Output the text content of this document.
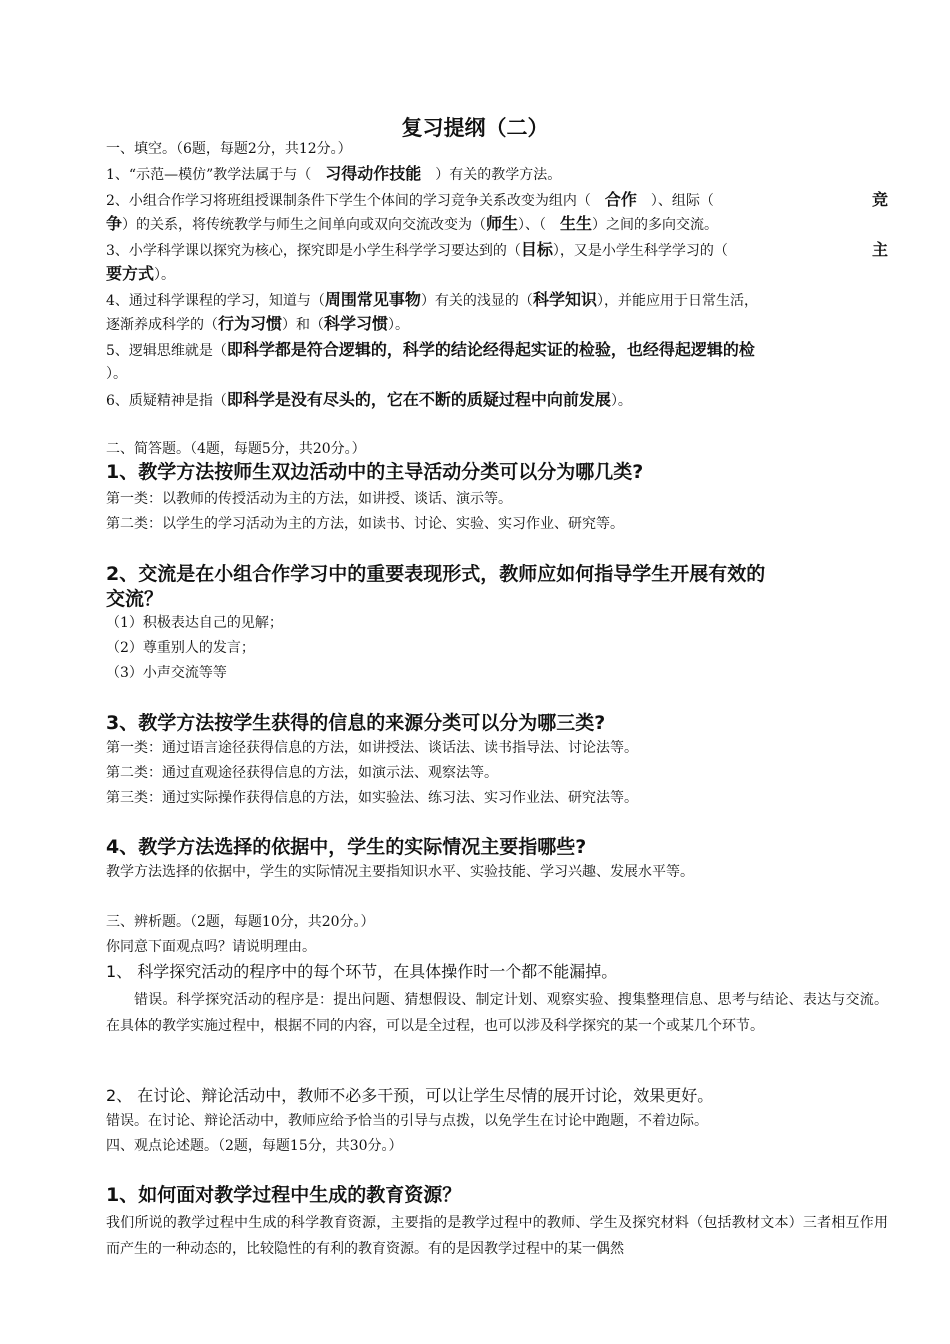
复习提纲（二）
一、填空。（6题，每题2分，共12分。）
1、“示范—模仿”教学法属于与（　习得动作技能　）有关的教学方法。
2、小组合作学习将班组授课制条件下学生个体间的学习竞争关系改变为组内（　合作　）、组际（	竞
争）的关系，将传统教学与师生之间单向或双向交流改变为（师生）、（　生生）之间的多向交流。
3、小学科学课以探究为核心，探究即是小学生科学学习要达到的（目标），又是小学生科学学习的（	主
要方式）。
4、通过科学课程的学习，知道与（周围常见事物）有关的浅显的（科学知识），并能应用于日常生活，
逐渐养成科学的（行为习惯）和（科学习惯）。
5、逻辑思维就是（即科学都是符合逻辑的，科学的结论经得起实证的检验，也经得起逻辑的检
）。
6、质疑精神是指（即科学是没有尽头的，它在不断的质疑过程中向前发展）。
二、简答题。（4题，每题5分，共20分。）
1、教学方法按师生双边活动中的主导活动分类可以分为哪几类?
第一类：以教师的传授活动为主的方法，如讲授、谈话、演示等。
第二类：以学生的学习活动为主的方法，如读书、讨论、实验、实习作业、研究等。
2、交流是在小组合作学习中的重要表现形式，教师应如何指导学生开展有效的
交流？
（1）积极表达自己的见解；
（2）尊重别人的发言；
（3）小声交流等等
3、教学方法按学生获得的信息的来源分类可以分为哪三类?
第一类：通过语言途径获得信息的方法，如讲授法、谈话法、读书指导法、讨论法等。
第二类：通过直观途径获得信息的方法，如演示法、观察法等。
第三类：通过实际操作获得信息的方法，如实验法、练习法、实习作业法、研究法等。
4、教学方法选择的依据中，学生的实际情况主要指哪些?
教学方法选择的依据中，学生的实际情况主要指知识水平、实验技能、学习兴趣、发展水平等。
三、辨析题。（2题，每题10分，共20分。）
你同意下面观点吗？请说明理由。
1、 科学探究活动的程序中的每个环节，在具体操作时一个都不能漏掉。
错误。科学探究活动的程序是：提出问题、猜想假设、制定计划、观察实验、搜集整理信息、思考与结论、表达与交流。在具体的教学实施过程中，根据不同的内容，可以是全过程，也可以涉及科学探究的某一个或某几个环节。
2、 在讨论、辩论活动中，教师不必多干预，可以让学生尽情的展开讨论，效果更好。
错误。在讨论、辩论活动中，教师应给予恰当的引导与点拨，以免学生在讨论中跑题，不着边际。
四、观点论述题。（2题，每题15分，共30分。）
1、如何面对教学过程中生成的教育资源？
我们所说的教学过程中生成的科学教育资源，主要指的是教学过程中的教师、学生及探究材料（包括教材文本）三者相互作用而产生的一种动态的，比较隐性的有利的教育资源。有的是因教学过程中的某一偶然
